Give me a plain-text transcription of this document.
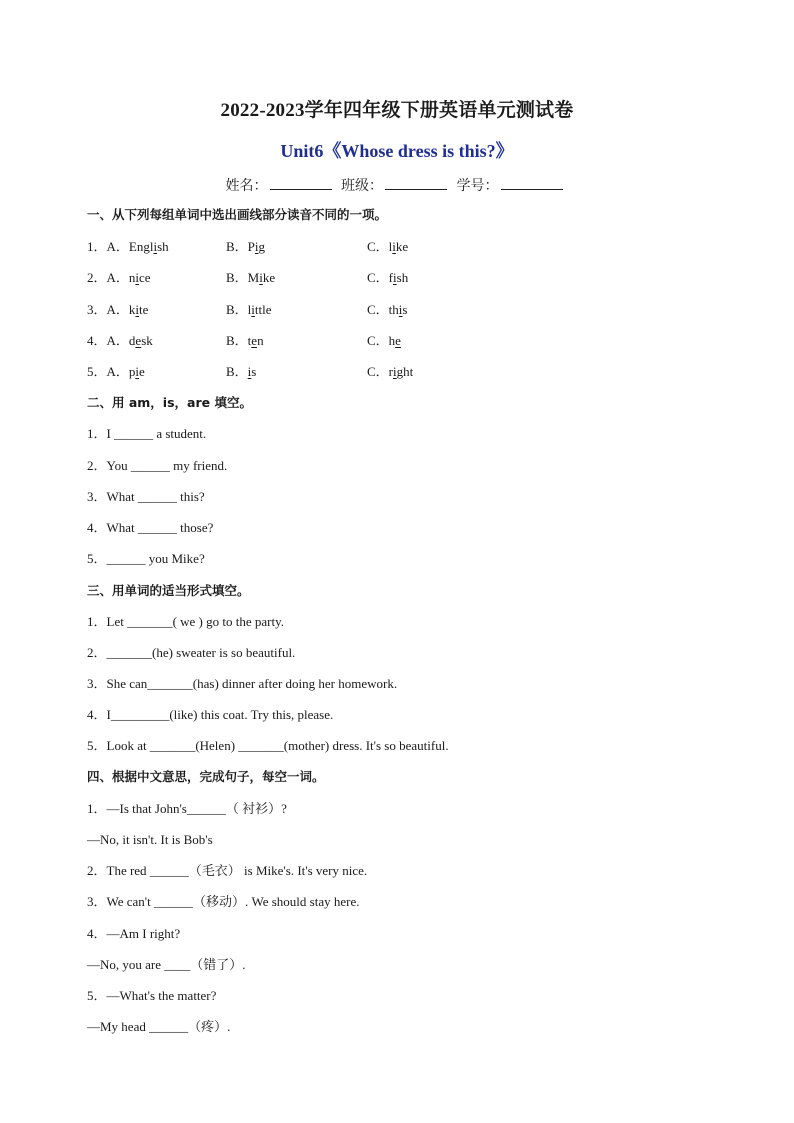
2022-2023学年四年级下册英语单元测试卷
Unit6《Whose dress is this?》
姓名：	班级：	学号：
一、从下列每组单词中选出画线部分读音不同的一项。
1．A．English	B．Pig	C．like
2．A．nice	B．Mike	C．fish
3．A．kite	B．little	C．this
4．A．desk	B．ten	C．he
5．A．pie	B．is	C．right
二、用 am，is，are 填空。
1．I ______ a student.
2．You ______ my friend.
3．What ______ this?
4．What ______ those?
5．______ you Mike?
三、用单词的适当形式填空。
1．Let _______( we ) go to the party.
2．_______(he) sweater is so beautiful.
3．She can_______(has) dinner after doing her homework.
4．I_________(like) this coat. Try this, please.
5．Look at _______(Helen) _______(mother) dress. It's so beautiful.
四、根据中文意思，完成句子，每空一词。
1．—Is that John's______（ 衬衫）?
—No, it isn't. It is Bob's
2．The red ______（毛衣） is Mike's. It's very nice.
3．We can't ______（移动）. We should stay here.
4．—Am I right?
—No, you are ____（错了）.
5．—What's the matter?
—My head ______（疼）.
